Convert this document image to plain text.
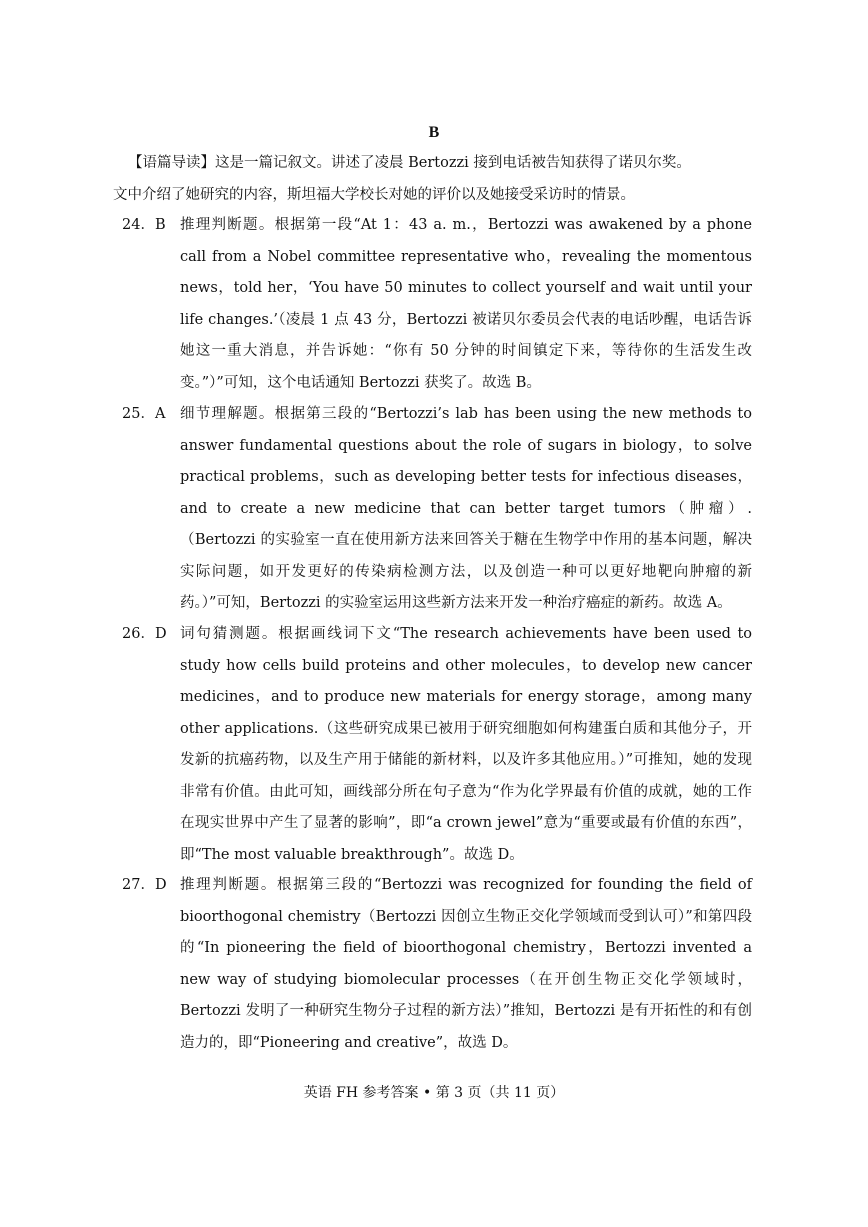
B
【语篇导读】这是一篇记叙文。讲述了凌晨 Bertozzi 接到电话被告知获得了诺贝尔奖。
文中介绍了她研究的内容，斯坦福大学校长对她的评价以及她接受采访时的情景。
24．B 推理判断题。根据第一段“At 1：43 a. m.，Bertozzi was awakened by a phone call from a Nobel committee representative who，revealing the momentous news，told her，‘You have 50 minutes to collect yourself and wait until your life changes.’（凌晨 1 点 43 分，Bertozzi 被诺贝尔委员会代表的电话吵醒，电话告诉她这一重大消息，并告诉她：“你有 50 分钟的时间镇定下来，等待你的生活发生改变。”）”可知，这个电话通知 Bertozzi 获奖了。故选 B。
25．A	细节理解题。根据第三段的“Bertozzi’s lab has been using the new methods to answer fundamental questions about the role of sugars in biology，to solve practical problems，such as developing better tests for infectious diseases，and to create a new medicine that can better target tumors（肿瘤）.（Bertozzi 的实验室一直在使用新方法来回答关于糖在生物学中作用的基本问题，解决实际问题，如开发更好的传染病检测方法，以及创造一种可以更好地靶向肿瘤的新药。）”可知，Bertozzi 的实验室运用这些新方法来开发一种治疗癌症的新药。故选 A。
26．D 词句猜测题。根据画线词下文“The research achievements have been used to study how cells build proteins and other molecules，to develop new cancer medicines，and to produce new materials for energy storage，among many other applications.（这些研究成果已被用于研究细胞如何构建蛋白质和其他分子，开发新的抗癌药物，以及生产用于储能的新材料，以及许多其他应用。）”可推知，她的发现非常有价值。由此可知，画线部分所在句子意为“作为化学界最有价值的成就，她的工作在现实世界中产生了显著的影响”，即“a crown jewel”意为“重要或最有价值的东西”，即“The most valuable breakthrough”。故选 D。
27．D 推理判断题。根据第三段的“Bertozzi was recognized for founding the field of bioorthogonal chemistry（Bertozzi 因创立生物正交化学领域而受到认可）”和第四段的“In pioneering the field of bioorthogonal chemistry，Bertozzi invented a new way of studying biomolecular processes（在开创生物正交化学领域时，Bertozzi 发明了一种研究生物分子过程的新方法）”推知，Bertozzi 是有开拓性的和有创造力的，即“Pioneering and creative”，故选 D。
英语 FH 参考答案 • 第 3 页（共 11 页）
